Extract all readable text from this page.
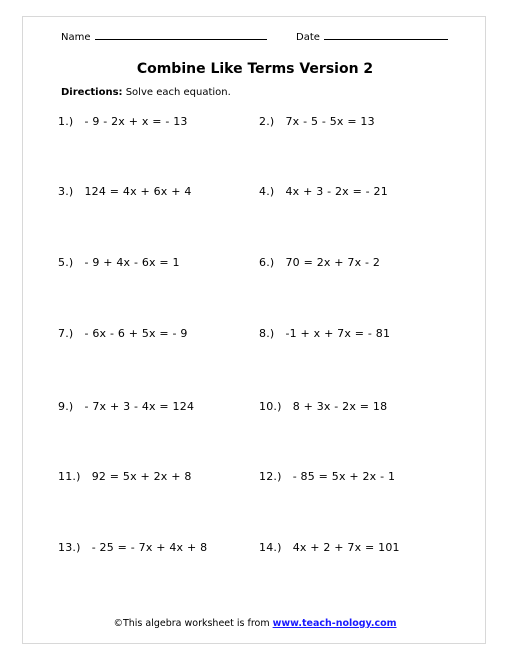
Name	Date
Combine Like Terms Version 2
Directions: Solve each equation.
1.) - 9 - 2x + x = - 13
3.) 124 = 4x + 6x + 4
5.) - 9 + 4x - 6x = 1
7.) - 6x - 6 + 5x = - 9
9.) - 7x + 3 - 4x = 124
11.) 92 = 5x + 2x + 8
13.) - 25 = - 7x + 4x + 8
2.) 7x - 5 - 5x = 13
4.) 4x + 3 - 2x = - 21
6.) 70 = 2x + 7x - 2
8.) -1 + x + 7x = - 81
10.) 8 + 3x - 2x = 18
12.) - 85 = 5x + 2x - 1
14.) 4x + 2 + 7x = 101
©This algebra worksheet is from www.teach-nology.com
